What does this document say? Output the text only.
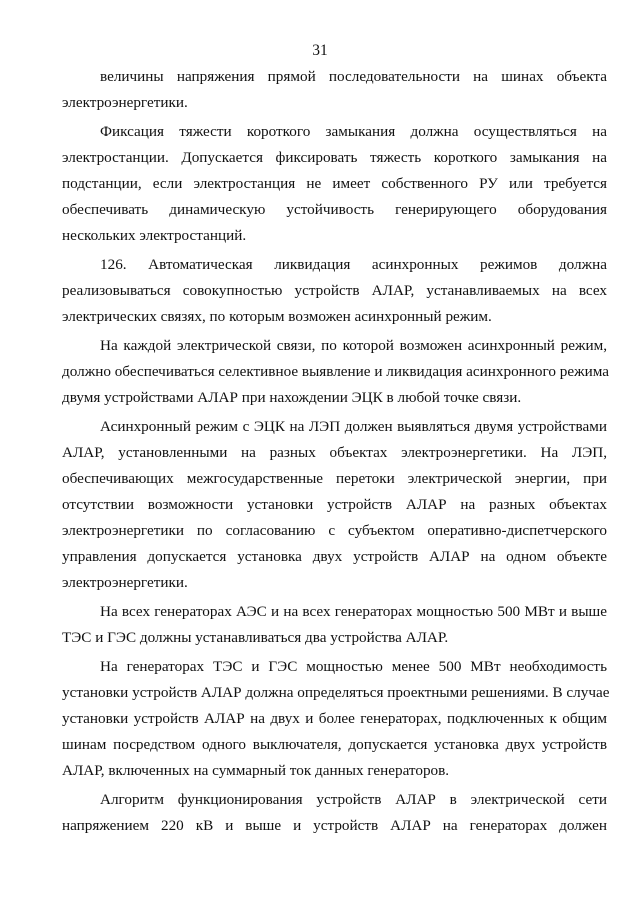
31
величины напряжения прямой последовательности на шинах объекта
электроэнергетики.
Фиксация тяжести короткого замыкания должна осуществляться на
электростанции. Допускается фиксировать тяжесть короткого замыкания на
подстанции, если электростанция не имеет собственного РУ или требуется
обеспечивать динамическую устойчивость генерирующего оборудования
нескольких электростанций.
126. Автоматическая ликвидация асинхронных режимов должна
реализовываться совокупностью устройств АЛАР, устанавливаемых на всех
электрических связях, по которым возможен асинхронный режим.
На каждой электрической связи, по которой возможен асинхронный режим,
должно обеспечиваться селективное выявление и ликвидация асинхронного режима
двумя устройствами АЛАР при нахождении ЭЦК в любой точке связи.
Асинхронный режим с ЭЦК на ЛЭП должен выявляться двумя устройствами
АЛАР, установленными на разных объектах электроэнергетики. На ЛЭП,
обеспечивающих межгосударственные перетоки электрической энергии, при
отсутствии возможности установки устройств АЛАР на разных объектах
электроэнергетики по согласованию с субъектом оперативно-диспетчерского
управления допускается установка двух устройств АЛАР на одном объекте
электроэнергетики.
На всех генераторах АЭС и на всех генераторах мощностью 500 МВт и выше
ТЭС и ГЭС должны устанавливаться два устройства АЛАР.
На генераторах ТЭС и ГЭС мощностью менее 500 МВт необходимость
установки устройств АЛАР должна определяться проектными решениями. В случае
установки устройств АЛАР на двух и более генераторах, подключенных к общим
шинам посредством одного выключателя, допускается установка двух устройств
АЛАР, включенных на суммарный ток данных генераторов.
Алгоритм функционирования устройств АЛАР в электрической сети
напряжением 220 кВ и выше и устройств АЛАР на генераторах должен
